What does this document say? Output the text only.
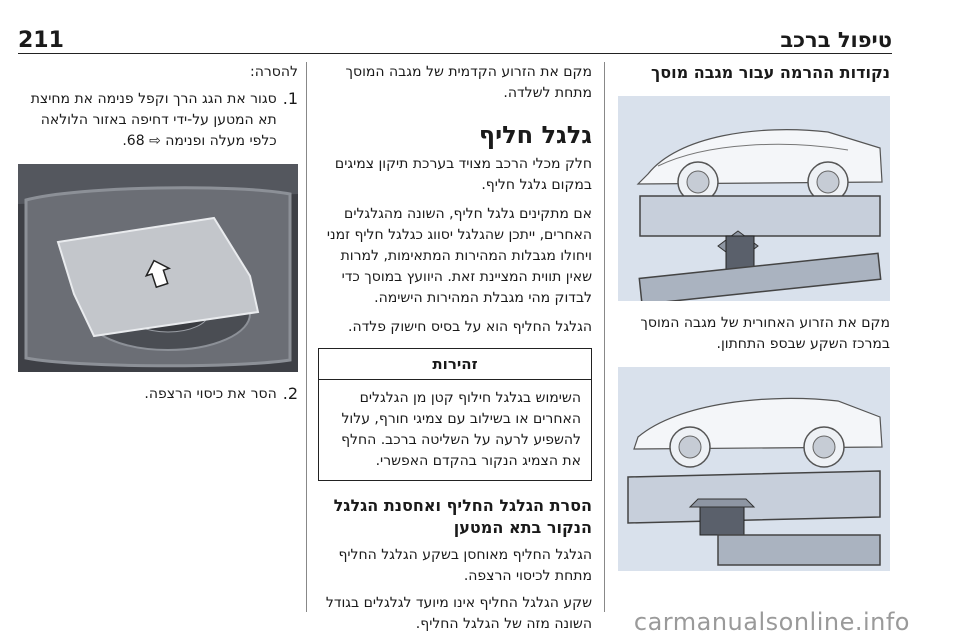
211	טיפול ברכב
נקודות ההרמה עבור מגבה מוסך

מקם את הזרוע האחורית של מגבה המוסך במרכז השקע שבספ התחתון.

מקם את הזרוע הקדמית של מגבה המוסך מתחת לשלדה.

גלגל חליף

חלק מכלי הרכב מצויד בערכת תיקון צמיגים במקום גלגל חליף.

אם מתקינים גלגל חליף, השונה מהגלגלים האחרים, ייתכן שהגלגל יסווג כגלגל חליף זמני ויחולו מגבלות המהירות המתאימות, למרות שאין תווית המציינת זאת. היוועץ במוסך כדי לבדוק מהי מגבלת המהירות הישימה.

הגלגל החליף הוא על בסיס חישוק פלדה.

זהירות

השימוש בגלגל חילוף קטן מן הגלגלים האחרים או בשילוב עם צמיגי חורף, עלול להשפיע לרעה על השליטה ברכב. החלף את הצמיג הנקור בהקדם האפשרי.

הסרת הגלגל החליף ואחסנת הגלגל הנקור בתא המטען

הגלגל החליף מאוחסן בשקע הגלגל החליף מתחת לכיסוי הרצפה.

שקע הגלגל החליף אינו מיועד לגלגלים בגודל השונה מזה של הגלגל החליף.

להסרה:

1.

סגור את הגג הרך וקפל פנימה את מחיצת תא המטען על-ידי דחיפה באזור הלולאה כלפי מעלה ופנימה ⇨ 68.

2.

הסר את כיסוי הרצפה.

carmanualsonline.info
